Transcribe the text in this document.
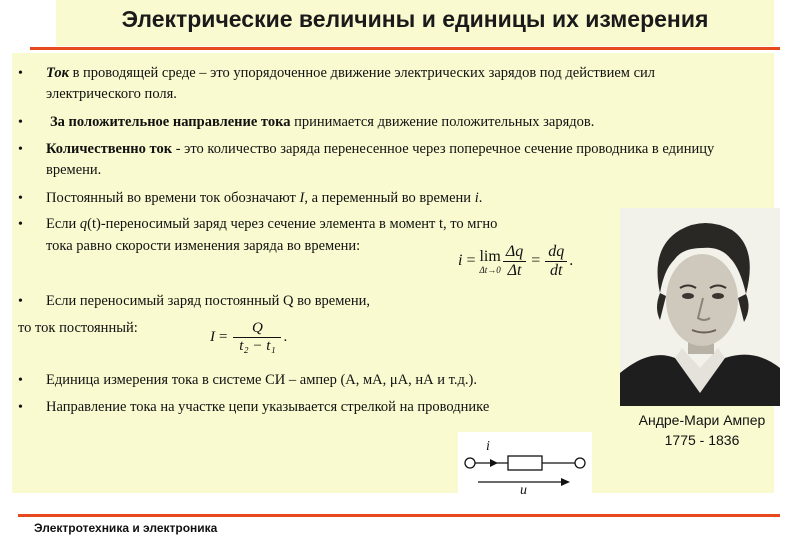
Электрические величины и единицы их измерения
• Ток в проводящей среде – это упорядоченное движение электрических зарядов под действием сил электрического поля.
• За положительное направление тока принимается движение положительных зарядов.
• Количественно ток - это количество заряда перенесенное через поперечное сечение проводника в единицу времени.
• Постоянный во времени ток обозначают I, а переменный во времени i.
• Если q(t)-переносимый заряд через сечение элемента в момент t, то мгно
тока равно скорости изменения заряда во времени:
i = lim
$\Delta t\to 0 \frac{\Delta q}{\Delta t} = \frac{dq}{dt}$ .
• Если переносимый заряд постоянный Q во времени,
то ток постоянный:
$I = \frac{Q}{\text{t₂ − t₁}}$ .
• Единица измерения тока в системе СИ – ампер (А, мА, μА, нА и т.д.).
• Направление тока на участке цепи указывается стрелкой на проводнике
Андре-Мари Ампер
1775 - 1836
i
u
Электротехника и электроника
